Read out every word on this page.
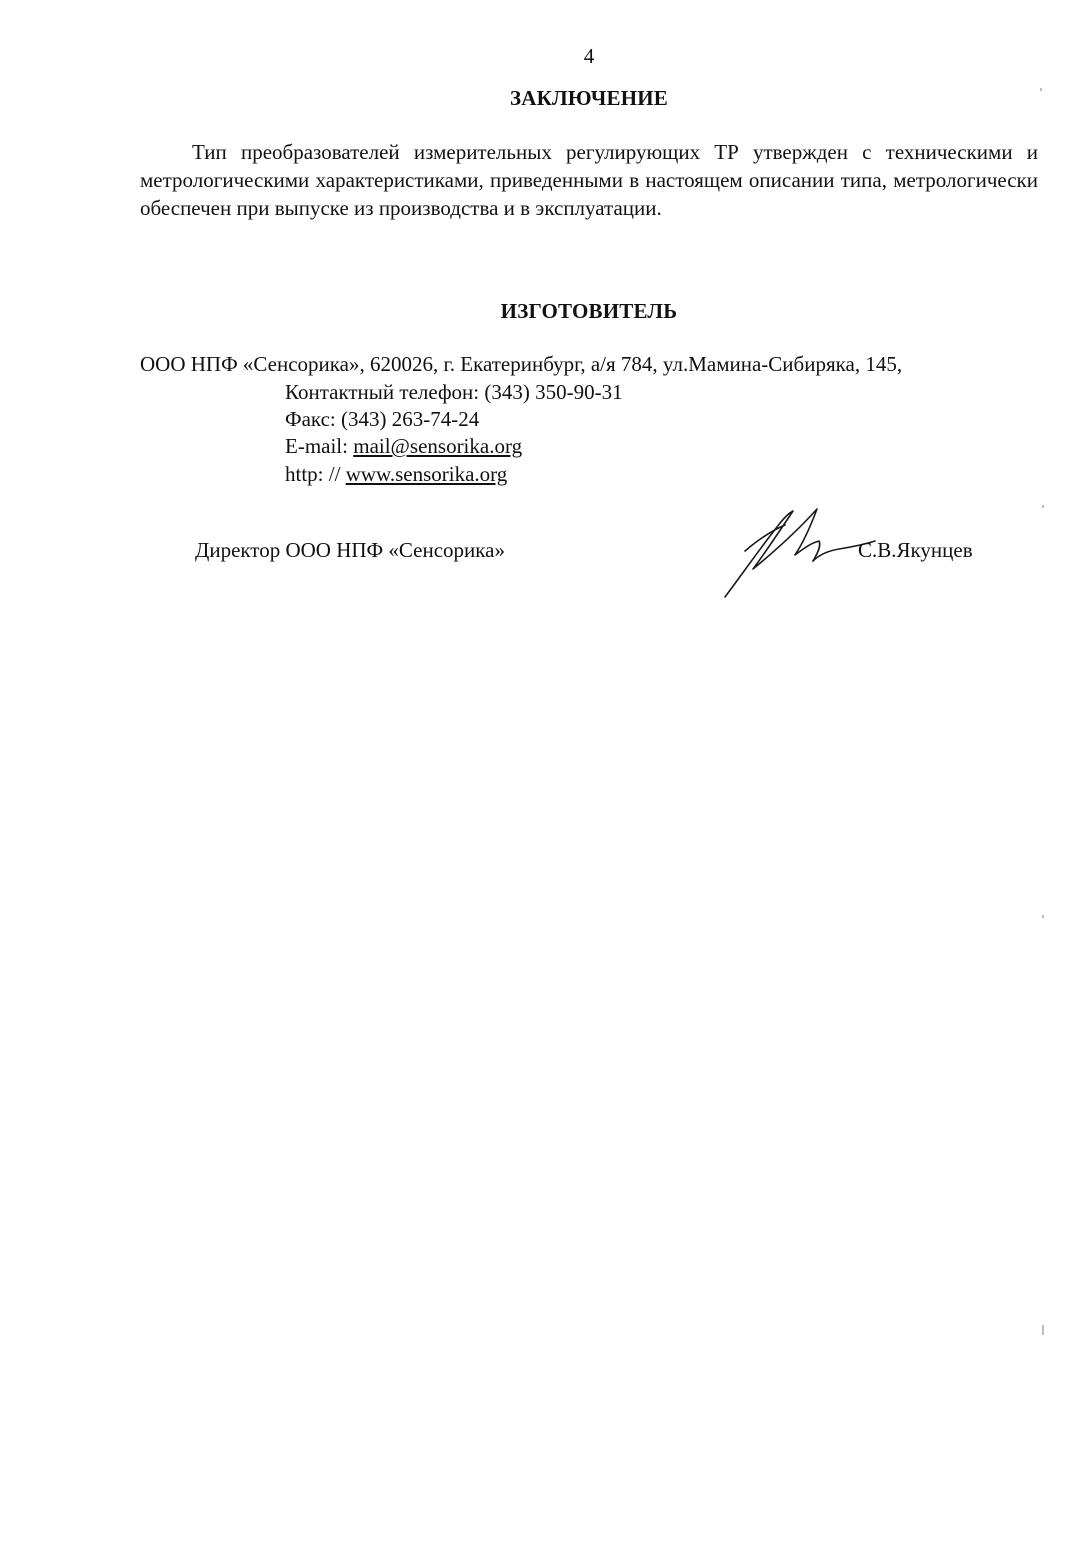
4
ЗАКЛЮЧЕНИЕ
Тип преобразователей измерительных регулирующих ТР утвержден с техническими и метрологическими характеристиками, приведенными в настоящем описании типа, метрологически обеспечен при выпуске из производства и в эксплуатации.
ИЗГОТОВИТЕЛЬ
ООО НПФ «Сенсорика», 620026, г. Екатеринбург, а/я 784, ул.Мамина-Сибиряка, 145,
Контактный телефон: (343) 350-90-31
Факс: (343) 263-74-24
E-mail: mail@sensorika.org
http: // www.sensorika.org
Директор ООО НПФ «Сенсорика»	С.В.Якунцев
